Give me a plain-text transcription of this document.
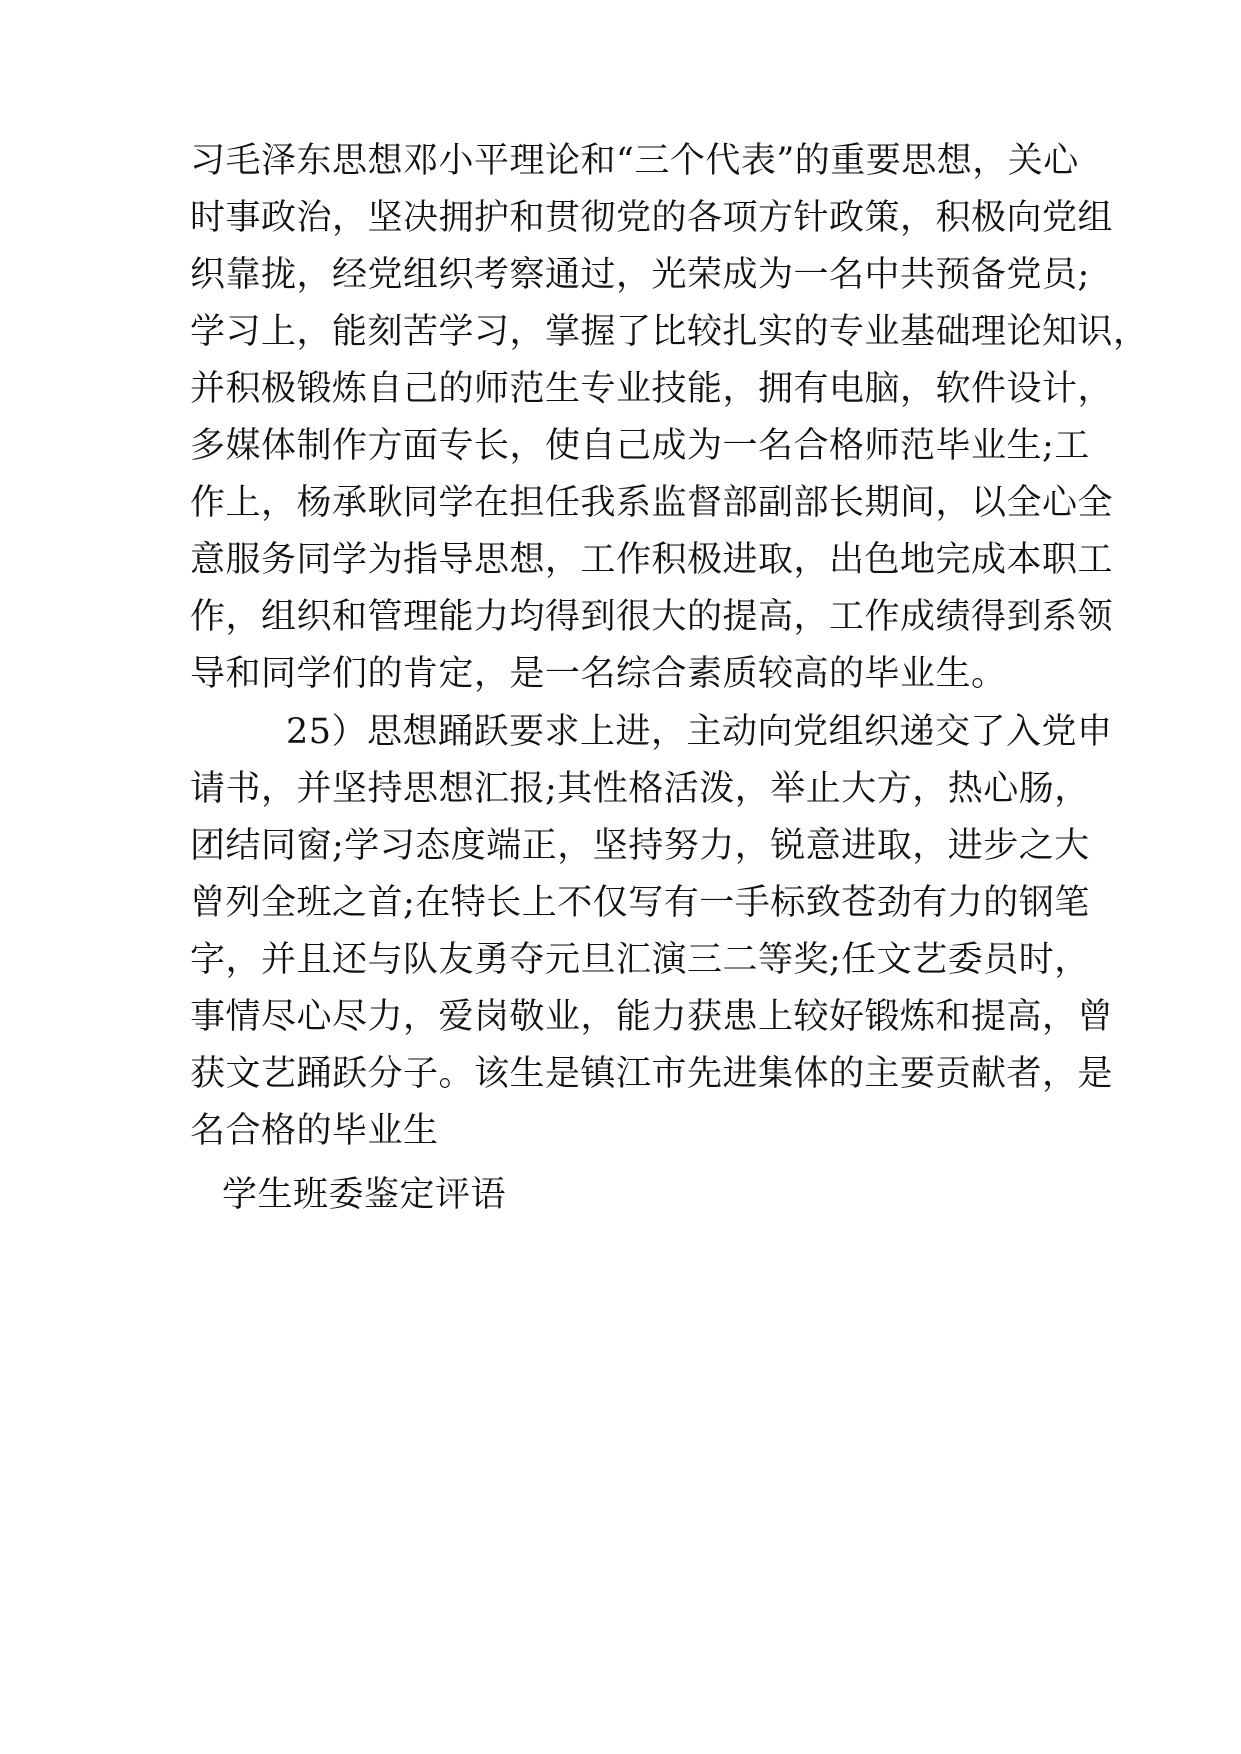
习毛泽东思想邓小平理论和“三个代表”的重要思想，关心
时事政治，坚决拥护和贯彻党的各项方针政策，积极向党组
织靠拢，经党组织考察通过，光荣成为一名中共预备党员;
学习上，能刻苦学习，掌握了比较扎实的专业基础理论知识，
并积极锻炼自己的师范生专业技能，拥有电脑，软件设计，
多媒体制作方面专长，使自己成为一名合格师范毕业生;工
作上，杨承耿同学在担任我系监督部副部长期间，以全心全
意服务同学为指导思想，工作积极进取，出色地完成本职工
作，组织和管理能力均得到很大的提高，工作成绩得到系领
导和同学们的肯定，是一名综合素质较高的毕业生。
25）思想踊跃要求上进，主动向党组织递交了入党申
请书，并坚持思想汇报;其性格活泼，举止大方，热心肠，
团结同窗;学习态度端正，坚持努力，锐意进取，进步之大
曾列全班之首;在特长上不仅写有一手标致苍劲有力的钢笔
字，并且还与队友勇夺元旦汇演三二等奖;任文艺委员时，
事情尽心尽力，爱岗敬业，能力获患上较好锻炼和提高，曾
获文艺踊跃分子。该生是镇江市先进集体的主要贡献者，是
名合格的毕业生
学生班委鉴定评语
